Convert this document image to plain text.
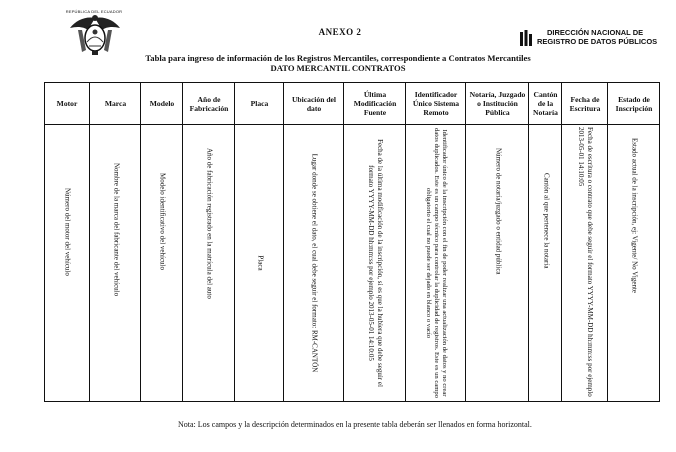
REPÚBLICA DEL ECUADOR
ANEXO 2	DIRECCIÓN NACIONAL DE
REGISTRO DE DATOS PÚBLICOS
Tabla para ingreso de información de los Registros Mercantiles, correspondiente a Contratos Mercantiles
DATO MERCANTIL CONTRATOS
Motor
Número del motor del vehículo
Marca
Nombre de la marca del fabricante del vehículo
Modelo
Modelo identificativo del vehículo
Año de Fabricación
Año de fabricación registrado en la matrícula del auto
Placa
Placa
Ubicación del dato
Lugar donde se obtiene el dato, el cual debe seguir el formato: RM-CANTÓN
Última Modificación Fuente
Fecha de la última modificación de la inscripción, si es que la hubiera que debe seguir el formato YYYY-MM-DD hh:mm:ss por ejemplo 2013-05-01 14:10:05
Identificador Único Sistema Remoto
Identificador único de la inscripción con el fin de poder realizar una actualización de datos y no crear datos duplicados. Este es un campo técnico para controlar la duplicidad de registros. Este es un campo obligatorio el cual no puede ser dejado en blanco o vacío
Notaría, Juzgado o Institución Pública
Número de notaría/juzgado o entidad pública
Cantón de la Notaría
Cantón al que pertenece la notaría
Fecha de Escritura
Fecha de escritura o contrato que debe seguir el formato YYYY-MM-DD hh:mm:ss por ejemplo 2013-05-01 14:10:05
Estado de Inscripción
Estado actual de la inscripción, ej: Vigente/ No Vigente
Nota: Los campos y la descripción determinados en la presente tabla deberán ser llenados en forma horizontal.
